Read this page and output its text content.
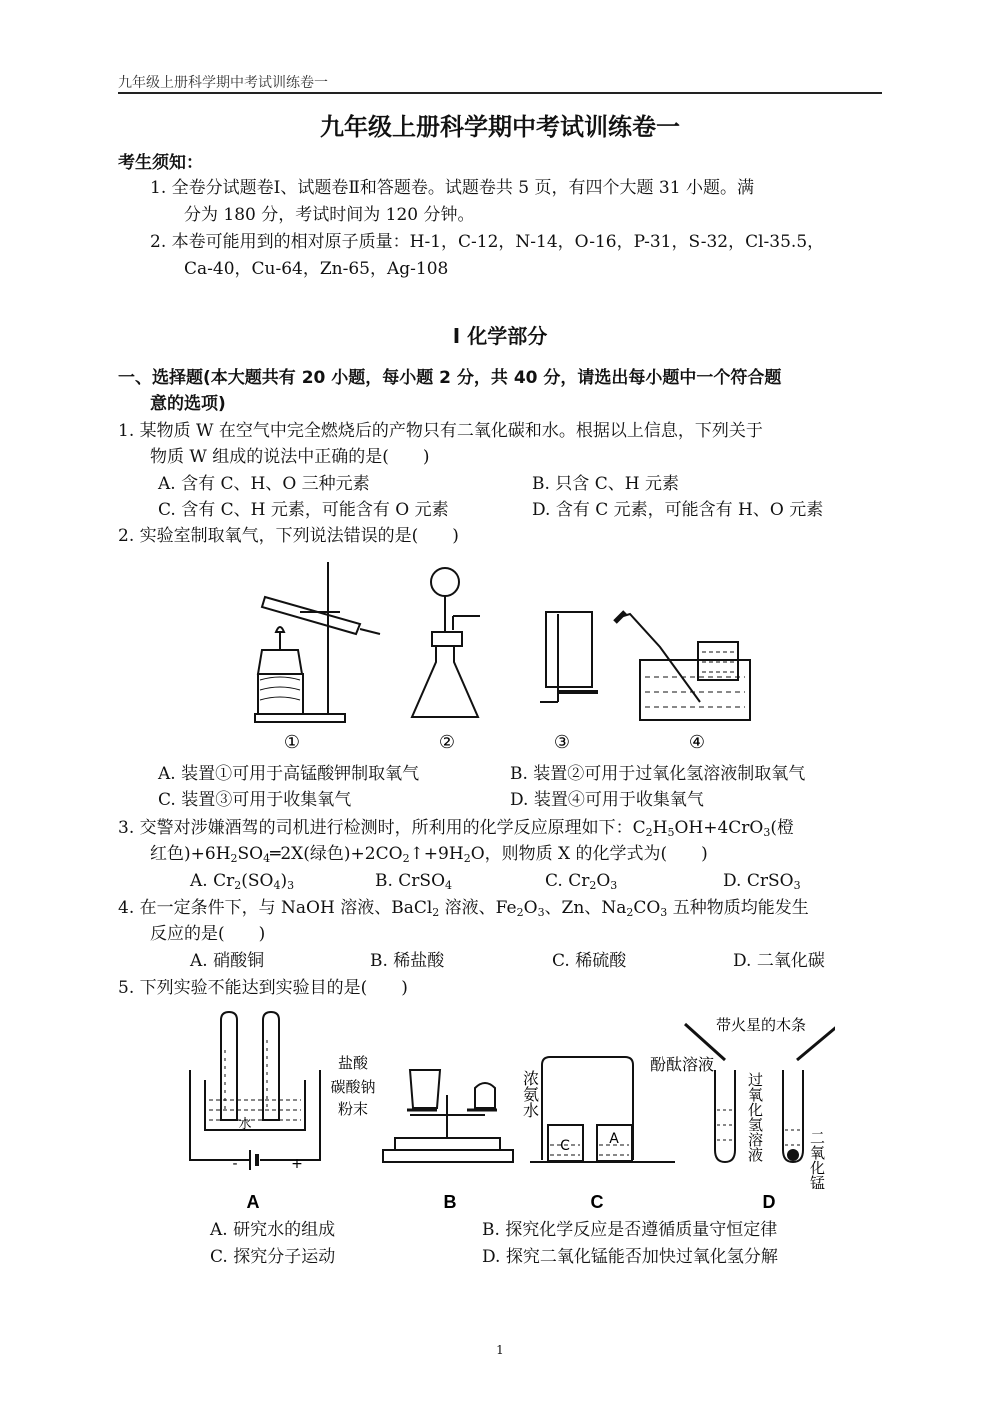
九年级上册科学期中考试训练卷一
九年级上册科学期中考试训练卷一
考生须知：
1. 全卷分试题卷Ⅰ、试题卷Ⅱ和答题卷。试题卷共 5 页，有四个大题 31 小题。满
分为 180 分，考试时间为 120 分钟。
2. 本卷可能用到的相对原子质量：H-1，C-12，N-14，O-16，P-31，S-32，Cl-35.5，
Ca-40，Cu-64，Zn-65，Ag-108
Ⅰ 化学部分
一、选择题(本大题共有 20 小题，每小题 2 分，共 40 分，请选出每小题中一个符合题
意的选项)
1. 某物质 W 在空气中完全燃烧后的产物只有二氧化碳和水。根据以上信息，下列关于
物质 W 组成的说法中正确的是(　　)
A. 含有 C、H、O 三种元素	B. 只含 C、H 元素
C. 含有 C、H 元素，可能含有 O 元素	D. 含有 C 元素，可能含有 H、O 元素
2. 实验室制取氧气，下列说法错误的是(　　)
①	②	③	④
A. 装置①可用于高锰酸钾制取氧气	B. 装置②可用于过氧化氢溶液制取氧气
C. 装置③可用于收集氧气	D. 装置④可用于收集氧气
3. 交警对涉嫌酒驾的司机进行检测时，所利用的化学反应原理如下：$C_2H_5OH+4CrO_3$(橙
红色)$+6H_2SO_4═2X$(绿色)$+2CO_2↑+9H_2O$，则物质 X 的化学式为(　　)
A. $Cr_2(SO_4)_3$	B. CrSO$_4$	C. $Cr_2O_3$	D. CrSO$_3$
4. 在一定条件下，与 NaOH 溶液、BaCl$_2$ 溶液、$Fe_2O_3$、Zn、$Na_2CO_3$ 五种物质均能发生
反应的是(　　)
A. 硝酸铜	B. 稀盐酸	C. 稀硫酸	D. 二氧化碳
5. 下列实验不能达到实验目的是(　　)
水
-	+
盐酸
碳酸钠
粉末	浓氨水
酚酞溶液
C	A
带火星的木条
过氧化氢溶液	二氧化锰
A	B	C	D
A. 研究水的组成	B. 探究化学反应是否遵循质量守恒定律
C. 探究分子运动	D. 探究二氧化锰能否加快过氧化氢分解
1
